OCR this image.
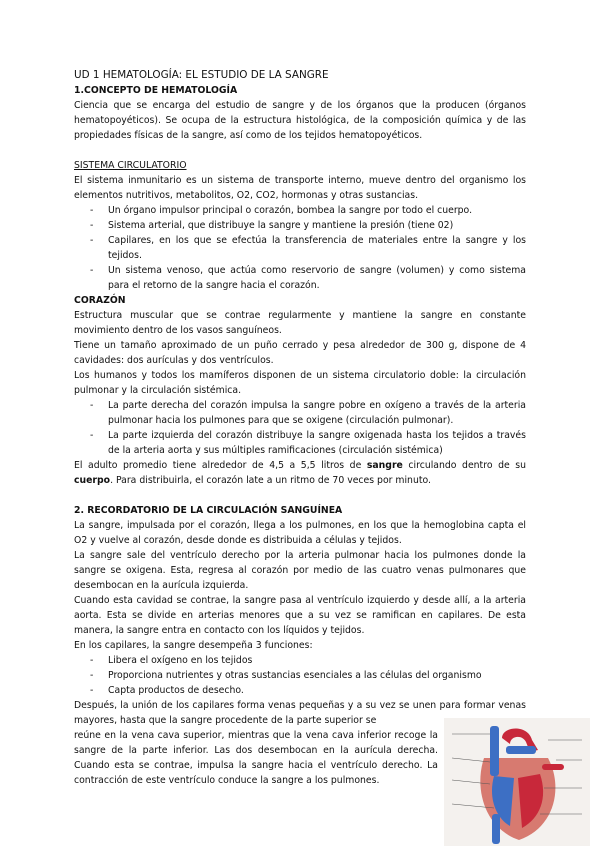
UD 1 HEMATOLOGÍA: EL ESTUDIO DE LA SANGRE

1.CONCEPTO DE HEMATOLOGÍA

Ciencia que se encarga del estudio de sangre y de los órganos que la producen (órganos hematopoyéticos). Se ocupa de la estructura histológica, de la composición química y de las propiedades físicas de la sangre, así como de los tejidos hematopoyéticos.

SISTEMA CIRCULATORIO

El sistema inmunitario es un sistema de transporte interno, mueve dentro del organismo los elementos nutritivos, metabolitos, O2, CO2, hormonas y otras sustancias.

- Un órgano impulsor principal o corazón, bombea la sangre por todo el cuerpo.
- Sistema arterial, que distribuye la sangre y mantiene la presión (tiene 02)
- Capilares, en los que se efectúa la transferencia de materiales entre la sangre y los tejidos.
- Un sistema venoso, que actúa como reservorio de sangre (volumen) y como sistema para el retorno de la sangre hacia el corazón.

CORAZÓN

Estructura muscular que se contrae regularmente y mantiene la sangre en constante movimiento dentro de los vasos sanguíneos.

Tiene un tamaño aproximado de un puño cerrado y pesa alrededor de 300 g, dispone de 4 cavidades: dos aurículas y dos ventrículos.

Los humanos y todos los mamíferos disponen de un sistema circulatorio doble: la circulación pulmonar y la circulación sistémica.

- La parte derecha del corazón impulsa la sangre pobre en oxígeno a través de la arteria pulmonar hacia los pulmones para que se oxigene (circulación pulmonar).
- La parte izquierda del corazón distribuye la sangre oxigenada hasta los tejidos a través de la arteria aorta y sus múltiples ramificaciones (circulación sistémica)

El adulto promedio tiene alrededor de 4,5 a 5,5 litros de sangre circulando dentro de su cuerpo. Para distribuirla, el corazón late a un ritmo de 70 veces por minuto.

2. RECORDATORIO DE LA CIRCULACIÓN SANGUÍNEA

La sangre, impulsada por el corazón, llega a los pulmones, en los que la hemoglobina capta el O2 y vuelve al corazón, desde donde es distribuida a células y tejidos.

La sangre sale del ventrículo derecho por la arteria pulmonar hacia los pulmones donde la sangre se oxigena. Esta, regresa al corazón por medio de las cuatro venas pulmonares que desembocan en la aurícula izquierda.

Cuando esta cavidad se contrae, la sangre pasa al ventrículo izquierdo y desde allí, a la arteria aorta. Esta se divide en arterias menores que a su vez se ramifican en capilares. De esta manera, la sangre entra en contacto con los líquidos y tejidos.

En los capilares, la sangre desempeña 3 funciones:

- Libera el oxígeno en los tejidos
- Proporciona nutrientes y otras sustancias esenciales a las células del organismo
- Capta productos de desecho.

Después, la unión de los capilares forma venas pequeñas y a su vez se unen para formar venas mayores, hasta que la sangre procedente de la parte superior se

reúne en la vena cava superior, mientras que la vena cava inferior recoge la sangre de la parte inferior. Las dos desembocan en la aurícula derecha. Cuando esta se contrae, impulsa la sangre hacia el ventrículo derecho. La contracción de este ventrículo conduce la sangre a los pulmones.
